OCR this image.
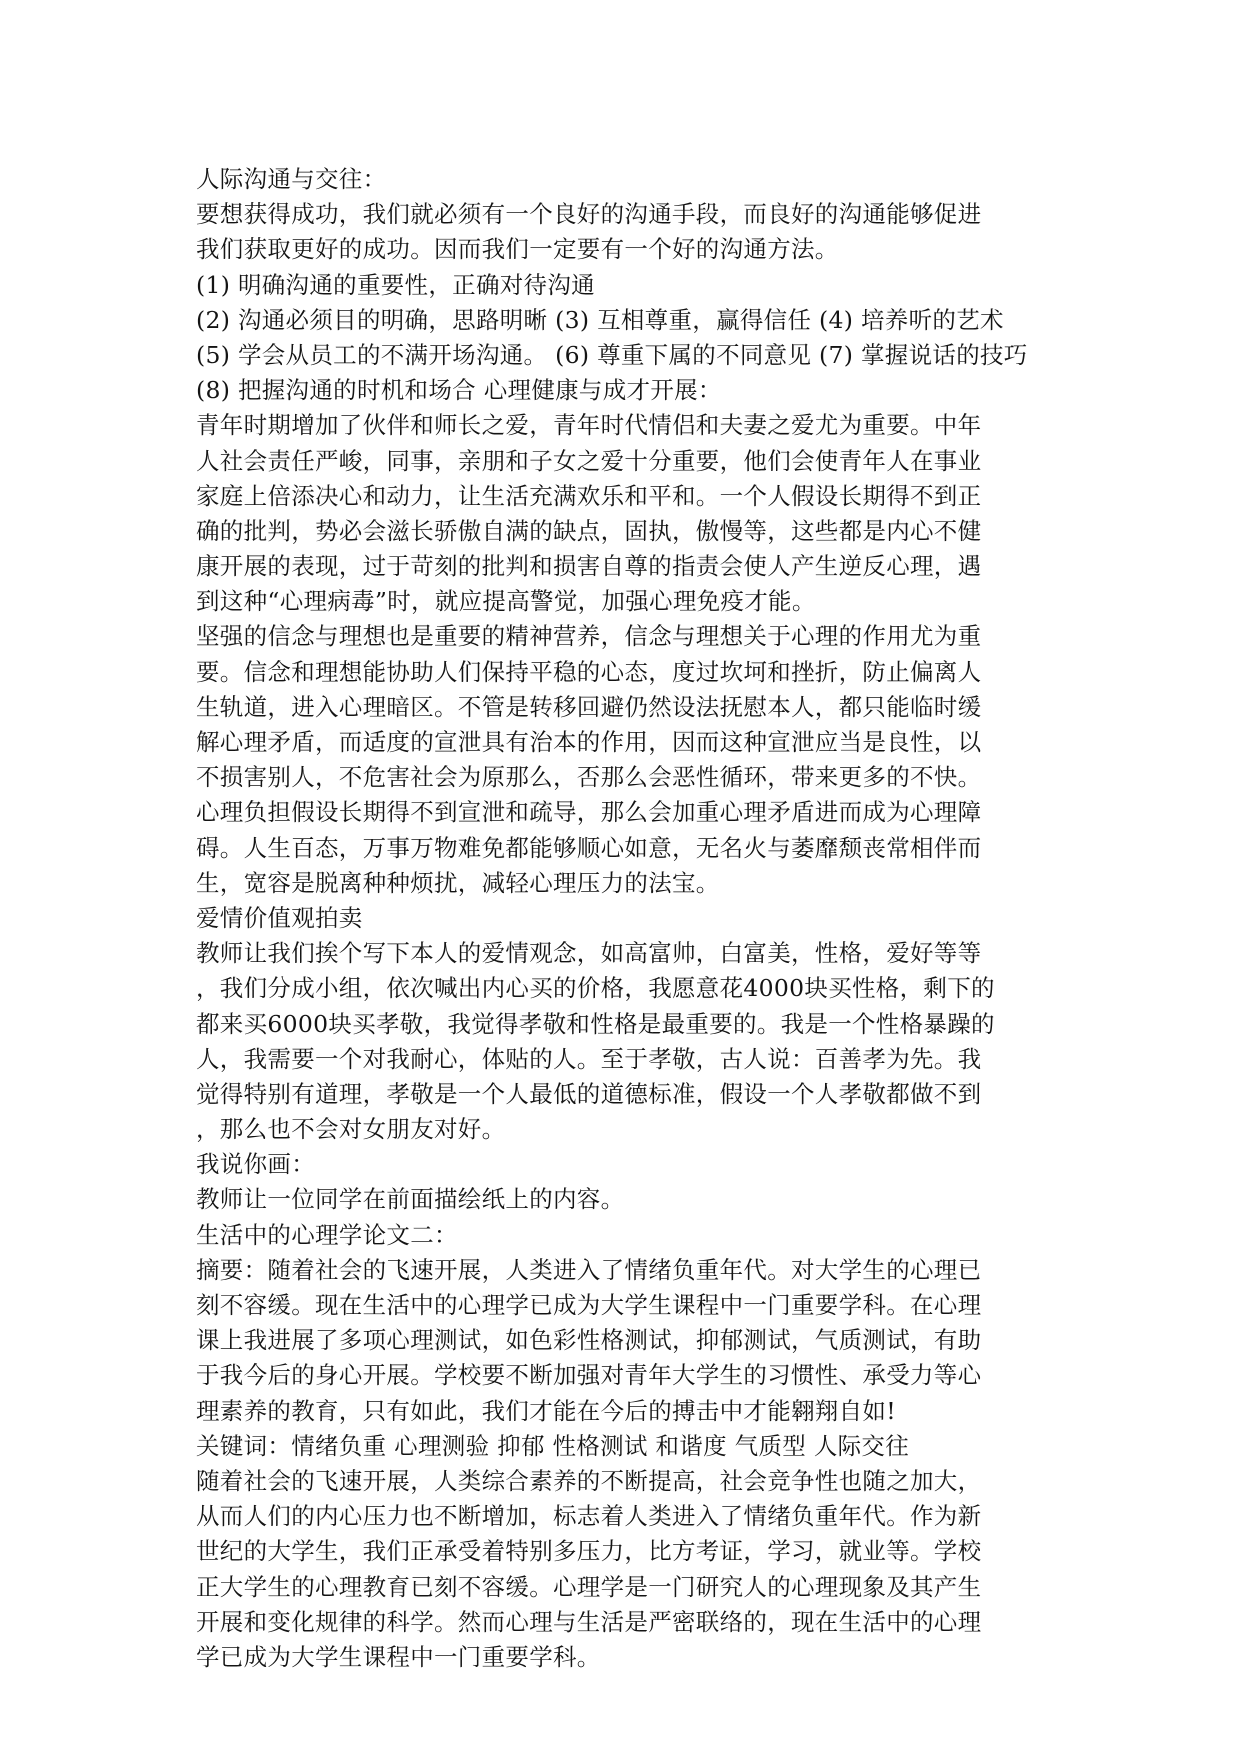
人际沟通与交往：
要想获得成功，我们就必须有一个良好的沟通手段，而良好的沟通能够促进
我们获取更好的成功。因而我们一定要有一个好的沟通方法。
(1) 明确沟通的重要性，正确对待沟通
(2) 沟通必须目的明确，思路明晰 (3) 互相尊重，赢得信任 (4) 培养听的艺术
(5) 学会从员工的不满开场沟通。 (6) 尊重下属的不同意见 (7) 掌握说话的技巧
(8) 把握沟通的时机和场合 心理健康与成才开展：
青年时期增加了伙伴和师长之爱，青年时代情侣和夫妻之爱尤为重要。中年
人社会责任严峻，同事，亲朋和子女之爱十分重要，他们会使青年人在事业
家庭上倍添决心和动力，让生活充满欢乐和平和。一个人假设长期得不到正
确的批判，势必会滋长骄傲自满的缺点，固执，傲慢等，这些都是内心不健
康开展的表现，过于苛刻的批判和损害自尊的指责会使人产生逆反心理，遇
到这种“心理病毒”时，就应提高警觉，加强心理免疫才能。
坚强的信念与理想也是重要的精神营养，信念与理想关于心理的作用尤为重
要。信念和理想能协助人们保持平稳的心态，度过坎坷和挫折，防止偏离人
生轨道，进入心理暗区。不管是转移回避仍然设法抚慰本人，都只能临时缓
解心理矛盾，而适度的宣泄具有治本的作用，因而这种宣泄应当是良性，以
不损害别人，不危害社会为原那么，否那么会恶性循环，带来更多的不快。
心理负担假设长期得不到宣泄和疏导，那么会加重心理矛盾进而成为心理障
碍。人生百态，万事万物难免都能够顺心如意，无名火与萎靡颓丧常相伴而
生，宽容是脱离种种烦扰，减轻心理压力的法宝。
爱情价值观拍卖
教师让我们挨个写下本人的爱情观念，如高富帅，白富美，性格，爱好等等
，我们分成小组，依次喊出内心买的价格，我愿意花4000块买性格，剩下的
都来买6000块买孝敬，我觉得孝敬和性格是最重要的。我是一个性格暴躁的
人，我需要一个对我耐心，体贴的人。至于孝敬，古人说：百善孝为先。我
觉得特别有道理，孝敬是一个人最低的道德标准，假设一个人孝敬都做不到
，那么也不会对女朋友对好。
我说你画：
教师让一位同学在前面描绘纸上的内容。
生活中的心理学论文二：
摘要：随着社会的飞速开展，人类进入了情绪负重年代。对大学生的心理已
刻不容缓。现在生活中的心理学已成为大学生课程中一门重要学科。在心理
课上我进展了多项心理测试，如色彩性格测试，抑郁测试，气质测试，有助
于我今后的身心开展。学校要不断加强对青年大学生的习惯性、承受力等心
理素养的教育，只有如此，我们才能在今后的搏击中才能翱翔自如!
关键词：情绪负重 心理测验 抑郁 性格测试 和谐度 气质型 人际交往
随着社会的飞速开展，人类综合素养的不断提高，社会竞争性也随之加大，
从而人们的内心压力也不断增加，标志着人类进入了情绪负重年代。作为新
世纪的大学生，我们正承受着特别多压力，比方考证，学习，就业等。学校
正大学生的心理教育已刻不容缓。心理学是一门研究人的心理现象及其产生
开展和变化规律的科学。然而心理与生活是严密联络的，现在生活中的心理
学已成为大学生课程中一门重要学科。
